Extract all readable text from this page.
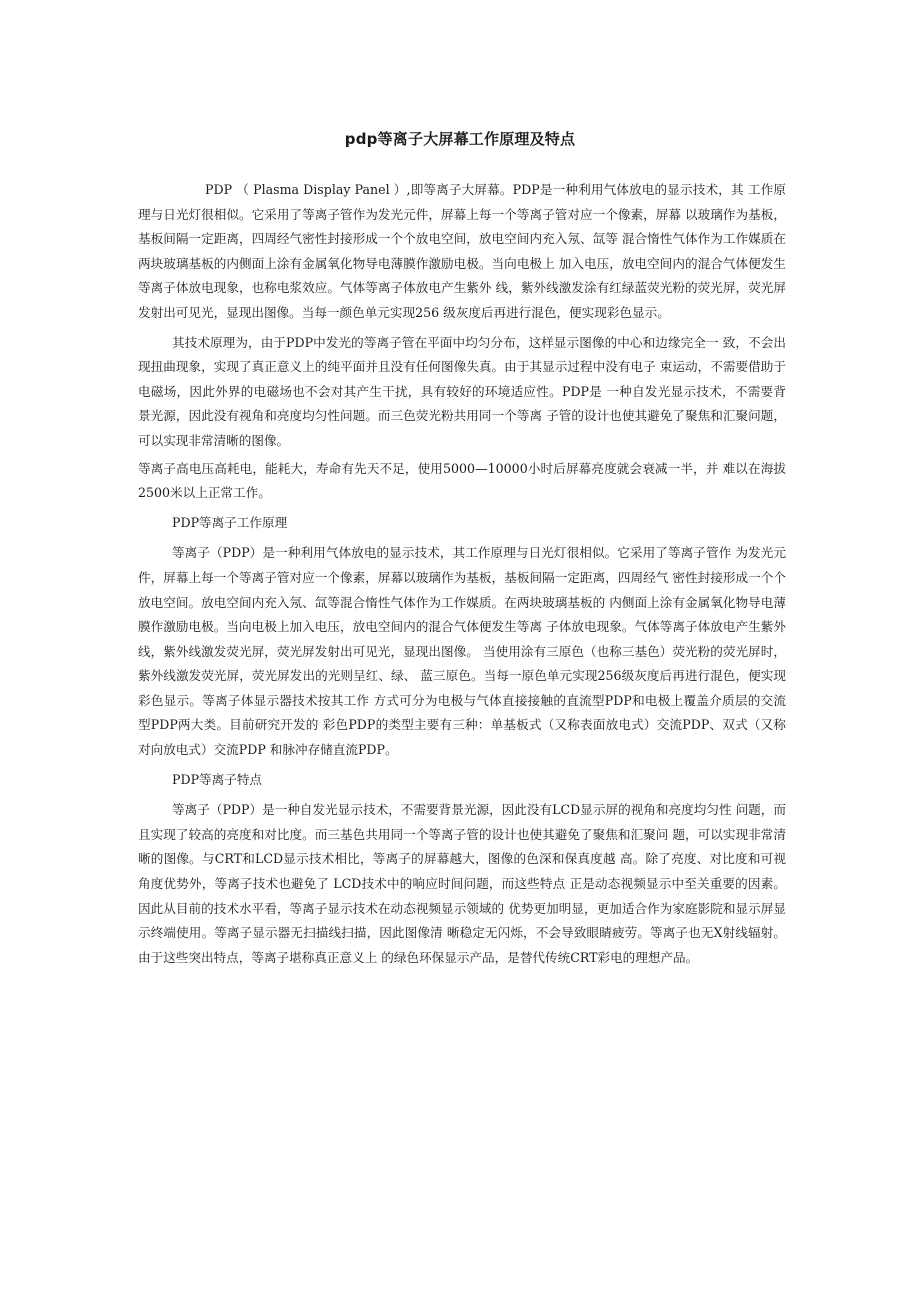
pdp等离子大屏幕工作原理及特点

PDP （ Plasma Display Panel ）,即等离子大屏幕。PDP是一种利用气体放电的显示技术，其 工作原理与日光灯很相似。它采用了等离子管作为发光元件，屏幕上每一个等离子管对应一个像素，屏幕 以玻璃作为基板，基板间隔一定距离，四周经气密性封接形成一个个放电空间，放电空间内充入氖、氙等 混合惰性气体作为工作媒质在两块玻璃基板的内侧面上涂有金属氧化物导电薄膜作激励电极。当向电极上 加入电压，放电空间内的混合气体便发生等离子体放电现象，也称电浆效应。气体等离子体放电产生紫外 线，紫外线激发涂有红绿蓝荧光粉的荧光屏，荧光屏发射出可见光，显现出图像。当每一颜色单元实现256 级灰度后再进行混色，便实现彩色显示。

其技术原理为，由于PDP中发光的等离子管在平面中均匀分布，这样显示图像的中心和边缘完全一 致，不会出现扭曲现象，实现了真正意义上的纯平面并且没有任何图像失真。由于其显示过程中没有电子 束运动，不需要借助于电磁场，因此外界的电磁场也不会对其产生干扰，具有较好的环境适应性。PDP是 一种自发光显示技术，不需要背景光源，因此没有视角和亮度均匀性问题。而三色荧光粉共用同一个等离 子管的设计也使其避免了聚焦和汇聚问题，可以实现非常清晰的图像。

等离子高电压高耗电，能耗大，寿命有先天不足，使用5000—10000小时后屏幕亮度就会衰减一半，并 难以在海拔2500米以上正常工作。

PDP等离子工作原理

等离子（PDP）是一种利用气体放电的显示技术，其工作原理与日光灯很相似。它采用了等离子管作 为发光元件，屏幕上每一个等离子管对应一个像素，屏幕以玻璃作为基板，基板间隔一定距离，四周经气 密性封接形成一个个放电空间。放电空间内充入氖、氙等混合惰性气体作为工作媒质。在两块玻璃基板的 内侧面上涂有金属氧化物导电薄膜作激励电极。当向电极上加入电压，放电空间内的混合气体便发生等离 子体放电现象。气体等离子体放电产生紫外线，紫外线激发荧光屏，荧光屏发射出可见光，显现出图像。 当使用涂有三原色（也称三基色）荧光粉的荧光屏时，紫外线激发荧光屏，荧光屏发出的光则呈红、绿、 蓝三原色。当每一原色单元实现256级灰度后再进行混色，便实现彩色显示。等离子体显示器技术按其工作 方式可分为电极与气体直接接触的直流型PDP和电极上覆盖介质层的交流型PDP两大类。目前研究开发的 彩色PDP的类型主要有三种：单基板式（又称表面放电式）交流PDP、双式（又称对向放电式）交流PDP 和脉冲存储直流PDP。

PDP等离子特点

等离子（PDP）是一种自发光显示技术，不需要背景光源，因此没有LCD显示屏的视角和亮度均匀性 问题，而且实现了较高的亮度和对比度。而三基色共用同一个等离子管的设计也使其避免了聚焦和汇聚问 题，可以实现非常清晰的图像。与CRT和LCD显示技术相比，等离子的屏幕越大，图像的色深和保真度越 高。除了亮度、对比度和可视角度优势外，等离子技术也避免了 LCD技术中的响应时间问题，而这些特点 正是动态视频显示中至关重要的因素。因此从目前的技术水平看，等离子显示技术在动态视频显示领域的 优势更加明显，更加适合作为家庭影院和显示屏显示终端使用。等离子显示器无扫描线扫描，因此图像清 晰稳定无闪烁，不会导致眼睛疲劳。等离子也无X射线辐射。由于这些突出特点，等离子堪称真正意义上 的绿色环保显示产品，是替代传统CRT彩电的理想产品。
